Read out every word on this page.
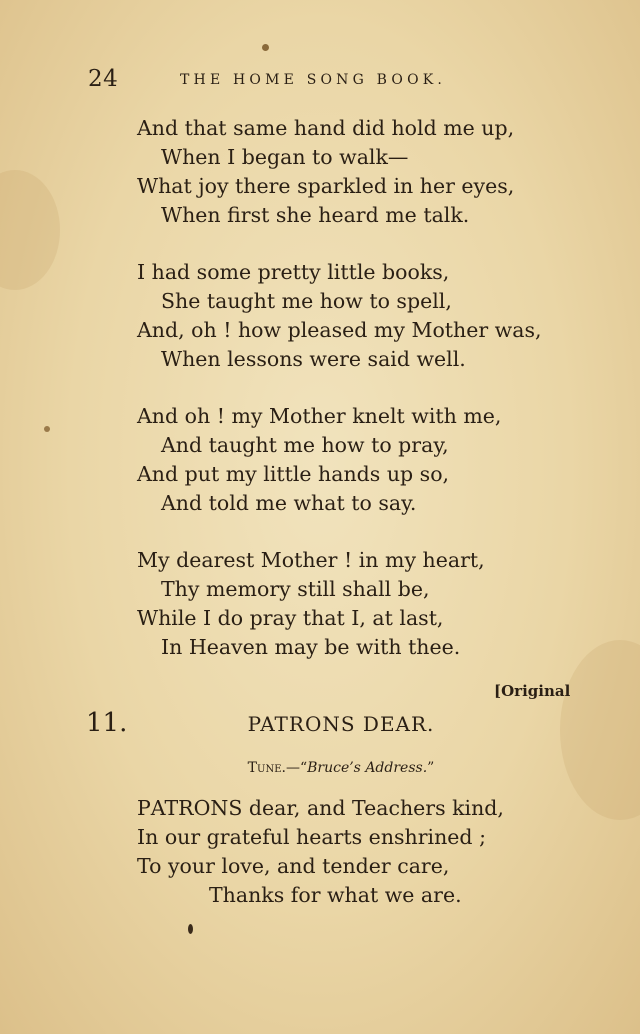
24	THE HOME SONG BOOK.
And that same hand did hold me up,
When I began to walk—
What joy there sparkled in her eyes,
When first she heard me talk.
I had some pretty little books,
She taught me how to spell,
And, oh ! how pleased my Mother was,
When lessons were said well.
And oh ! my Mother knelt with me,
And taught me how to pray,
And put my little hands up so,
And told me what to say.
My dearest Mother ! in my heart,
Thy memory still shall be,
While I do pray that I, at last,
In Heaven may be with thee.
[Original
11.	PATRONS DEAR.
Tune.—“Bruce’s Address.”
PATRONS dear, and Teachers kind,
In our grateful hearts enshrined ;
To your love, and tender care,
Thanks for what we are.
